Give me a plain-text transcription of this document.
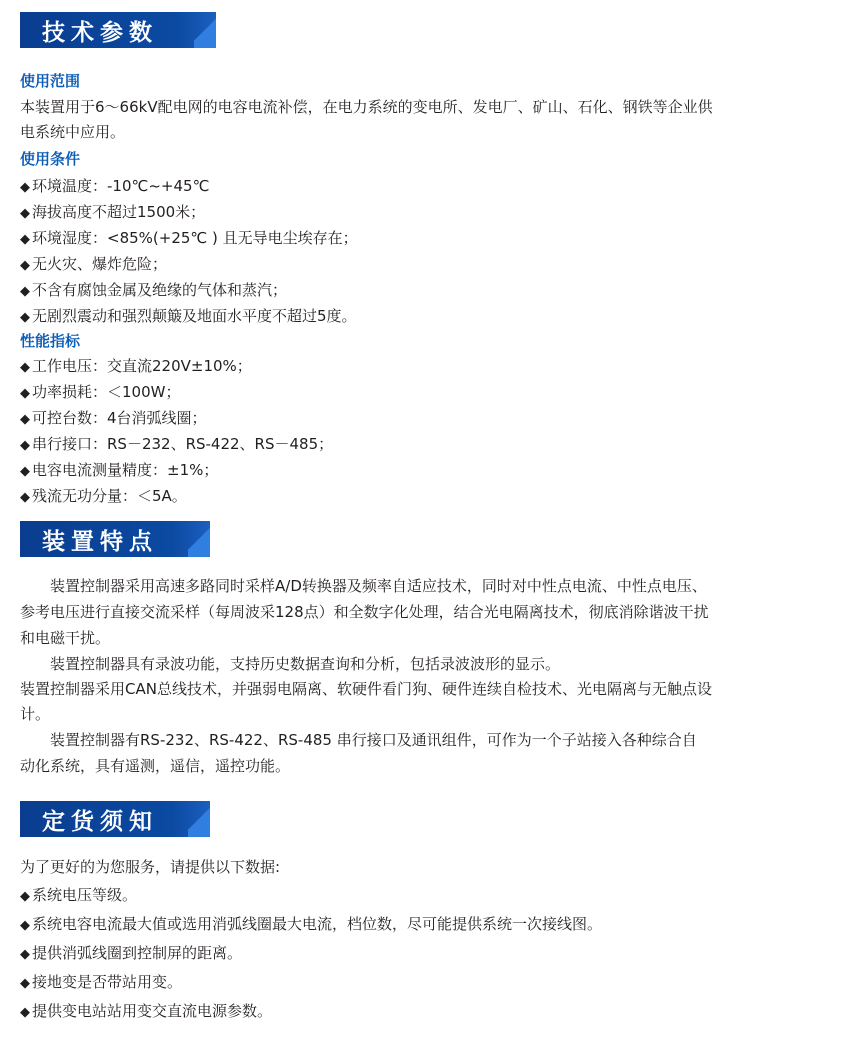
技术参数
使用范围
本装置用于6～66kV配电网的电容电流补偿，在电力系统的变电所、发电厂、矿山、石化、钢铁等企业供
电系统中应用。
使用条件
◆ 环境温度：-10℃~+45℃
◆ 海拔高度不超过1500米；
◆ 环境湿度：<85%(+25℃ ) 且无导电尘埃存在；
◆ 无火灾、爆炸危险；
◆ 不含有腐蚀金属及绝缘的气体和蒸汽；
◆ 无剧烈震动和强烈颠簸及地面水平度不超过5度。
性能指标
◆ 工作电压：交直流220V±10%；
◆ 功率损耗：＜100W；
◆ 可控台数：4台消弧线圈；
◆ 串行接口：RS－232、RS-422、RS－485；
◆ 电容电流测量精度：±1%；
◆ 残流无功分量：＜5A。
装置特点
　　装置控制器采用高速多路同时采样A/D转换器及频率自适应技术，同时对中性点电流、中性点电压、
参考电压进行直接交流采样（每周波采128点）和全数字化处理，结合光电隔离技术，彻底消除谐波干扰
和电磁干扰。
　　装置控制器具有录波功能，支持历史数据查询和分析，包括录波波形的显示。
装置控制器采用CAN总线技术，并强弱电隔离、软硬件看门狗、硬件连续自检技术、光电隔离与无触点设
计。
　　装置控制器有RS-232、RS-422、RS-485 串行接口及通讯组件，可作为一个子站接入各种综合自
动化系统，具有遥测，遥信，遥控功能。
定货须知
为了更好的为您服务，请提供以下数据:
◆ 系统电压等级。
◆ 系统电容电流最大值或选用消弧线圈最大电流，档位数，尽可能提供系统一次接线图。
◆ 提供消弧线圈到控制屏的距离。
◆ 接地变是否带站用变。
◆ 提供变电站站用变交直流电源参数。
